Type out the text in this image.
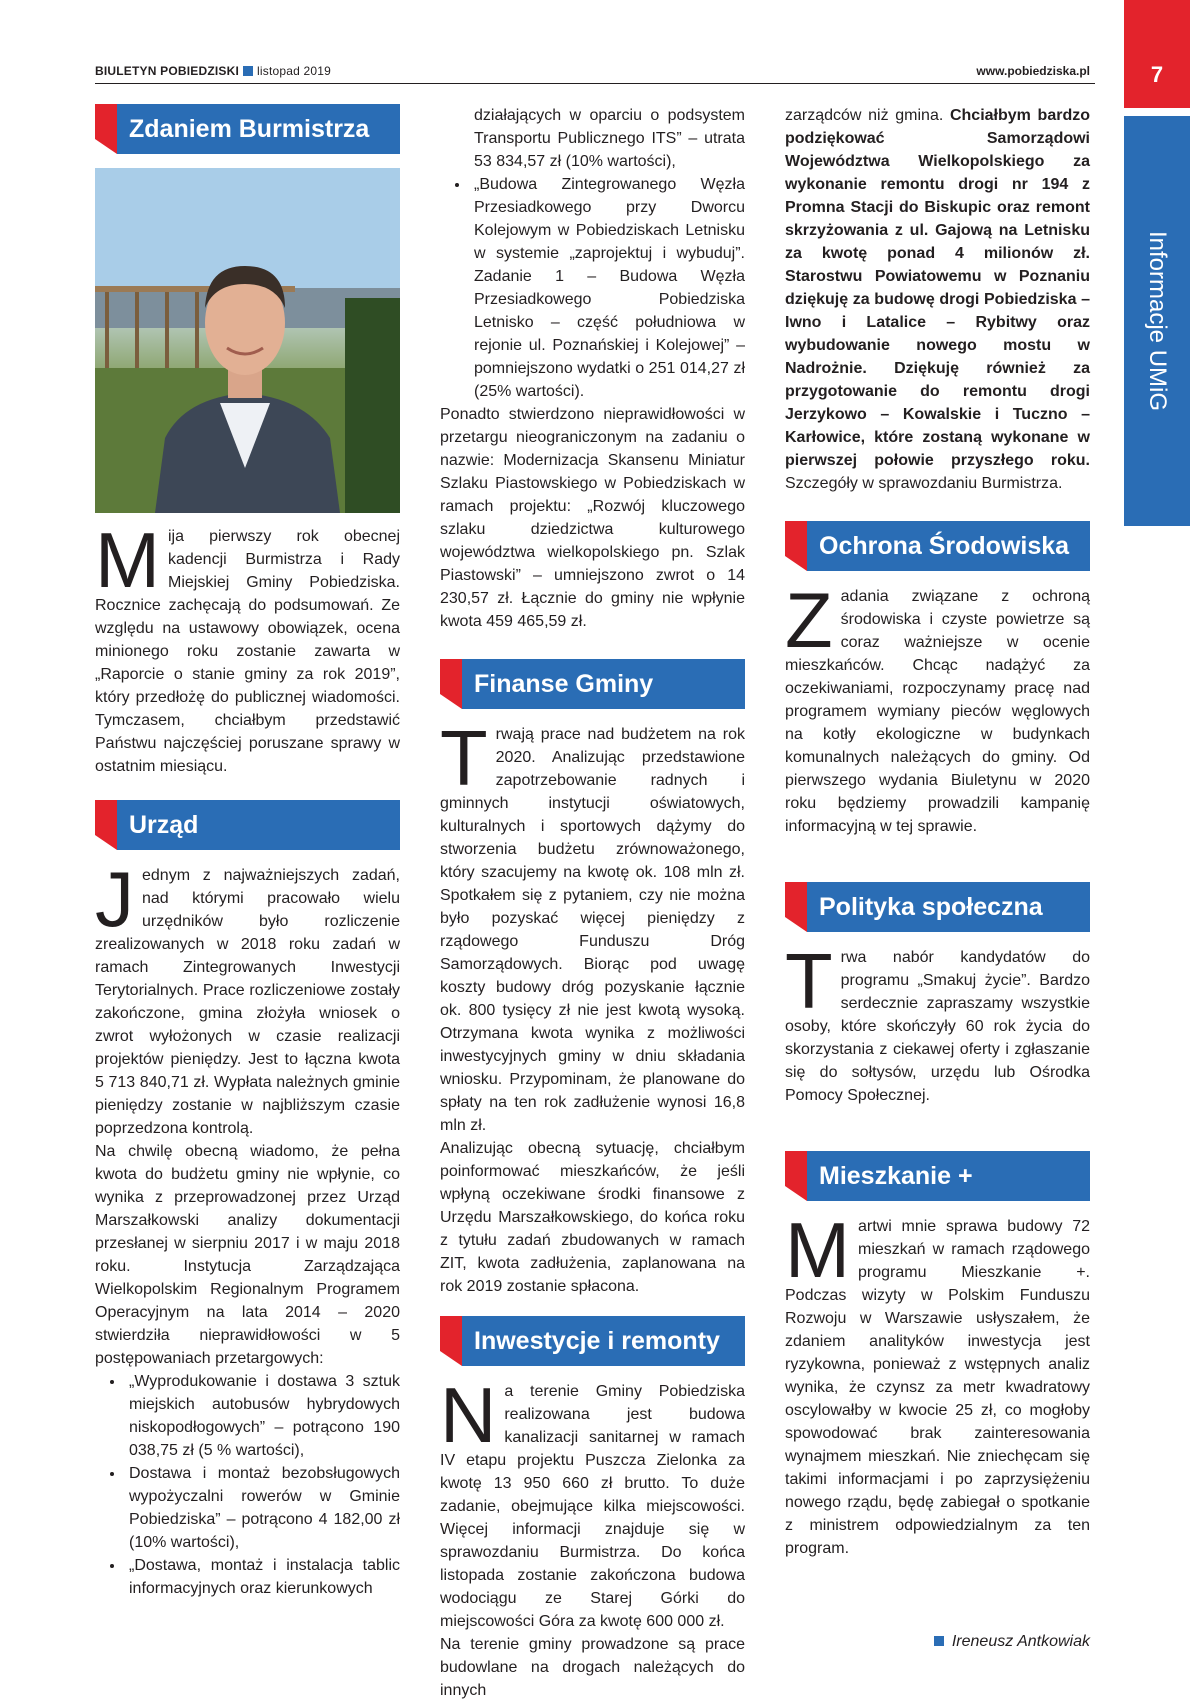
BIULETYN POBIEDZISKI listopad 2019	www.pobiedziska.pl	7
Informacje UMiG
Zdaniem Burmistrza

Mija pierwszy rok obecnej kadencji Burmistrza i Rady Miejskiej Gminy Pobiedziska. Rocznice zachęcają do podsumowań. Ze względu na ustawowy obowiązek, ocena minionego roku zostanie zawarta w „Raporcie o stanie gminy za rok 2019”, który przedłożę do publicznej wiadomości. Tymczasem, chciałbym przedstawić Państwu najczęściej poruszane sprawy w ostatnim miesiącu.

Urząd

Jednym z najważniejszych zadań, nad którymi pracowało wielu urzędników było rozliczenie zrealizowanych w 2018 roku zadań w ramach Zintegrowanych Inwestycji Terytorialnych. Prace rozliczeniowe zostały zakończone, gmina złożyła wniosek o zwrot wyłożonych w czasie realizacji projektów pieniędzy. Jest to łączna kwota 5 713 840,71 zł. Wypłata należnych gminie pieniędzy zostanie w najbliższym czasie poprzedzona kontrolą.

Na chwilę obecną wiadomo, że pełna kwota do budżetu gminy nie wpłynie, co wynika z przeprowadzonej przez Urząd Marszałkowski analizy dokumentacji przesłanej w sierpniu 2017 i w maju 2018 roku. Instytucja Zarządzająca Wielkopolskim Regionalnym Programem Operacyjnym na lata 2014 – 2020 stwierdziła nieprawidłowości w 5 postępowaniach przetargowych:

• „Wyprodukowanie i dostawa 3 sztuk miejskich autobusów hybrydowych niskopodłogowych” – potrącono 190 038,75 zł (5 % wartości),
• Dostawa i montaż bezobsługowych wypożyczalni rowerów w Gminie Pobiedziska” – potrącono 4 182,00 zł (10% wartości),
• „Dostawa, montaż i instalacja tablic informacyjnych oraz kierunkowych
działających w oparciu o podsystem Transportu Publicznego ITS” – utrata 53 834,57 zł (10% wartości),
• „Budowa Zintegrowanego Węzła Przesiadkowego przy Dworcu Kolejowym w Pobiedziskach Letnisku w systemie „zaprojektuj i wybuduj”. Zadanie 1 – Budowa Węzła Przesiadkowego Pobiedziska Letnisko – część południowa w rejonie ul. Poznańskiej i Kolejowej” – pomniejszono wydatki o 251 014,27 zł (25% wartości).

Ponadto stwierdzono nieprawidłowości w przetargu nieograniczonym na zadaniu o nazwie: Modernizacja Skansenu Miniatur Szlaku Piastowskiego w Pobiedziskach w ramach projektu: „Rozwój kluczowego szlaku dziedzictwa kulturowego województwa wielkopolskiego pn. Szlak Piastowski” – umniejszono zwrot o 14 230,57 zł. Łącznie do gminy nie wpłynie kwota 459 465,59 zł.

Finanse Gminy

Trwają prace nad budżetem na rok 2020. Analizując przedstawione zapotrzebowanie radnych i gminnych instytucji oświatowych, kulturalnych i sportowych dążymy do stworzenia budżetu zrównoważonego, który szacujemy na kwotę ok. 108 mln zł. Spotkałem się z pytaniem, czy nie można było pozyskać więcej pieniędzy z rządowego Funduszu Dróg Samorządowych. Biorąc pod uwagę koszty budowy dróg pozyskanie łącznie ok. 800 tysięcy zł nie jest kwotą wysoką. Otrzymana kwota wynika z możliwości inwestycyjnych gminy w dniu składania wniosku. Przypominam, że planowane do spłaty na ten rok zadłużenie wynosi 16,8 mln zł.

Analizując obecną sytuację, chciałbym poinformować mieszkańców, że jeśli wpłyną oczekiwane środki finansowe z Urzędu Marszałkowskiego, do końca roku z tytułu zadań zbudowanych w ramach ZIT, kwota zadłużenia, zaplanowana na rok 2019 zostanie spłacona.

Inwestycje i remonty

Na terenie Gminy Pobiedziska realizowana jest budowa kanalizacji sanitarnej w ramach IV etapu projektu Puszcza Zielonka za kwotę 13 950 660 zł brutto. To duże zadanie, obejmujące kilka miejscowości. Więcej informacji znajduje się w sprawozdaniu Burmistrza. Do końca listopada zostanie zakończona budowa wodociągu ze Starej Górki do miejscowości Góra za kwotę 600 000 zł.

Na terenie gminy prowadzone są prace budowlane na drogach należących do innych

zarządców niż gmina. Chciałbym bardzo podziękować Samorządowi Województwa Wielkopolskiego za wykonanie remontu drogi nr 194 z Promna Stacji do Biskupic oraz remont skrzyżowania z ul. Gajową na Letnisku za kwotę ponad 4 milionów zł. Starostwu Powiatowemu w Poznaniu dziękuję za budowę drogi Pobiedziska – Iwno i Latalice – Rybitwy oraz wybudowanie nowego mostu w Nadrożnie. Dziękuję również za przygotowanie do remontu drogi Jerzykowo – Kowalskie i Tuczno – Karłowice, które zostaną wykonane w pierwszej połowie przyszłego roku. Szczegóły w sprawozdaniu Burmistrza.

Ochrona Środowiska

Zadania związane z ochroną środowiska i czyste powietrze są coraz ważniejsze w ocenie mieszkańców. Chcąc nadążyć za oczekiwaniami, rozpoczynamy pracę nad programem wymiany pieców węglowych na kotły ekologiczne w budynkach komunalnych należących do gminy. Od pierwszego wydania Biuletynu w 2020 roku będziemy prowadzili kampanię informacyjną w tej sprawie.

Polityka społeczna

Trwa nabór kandydatów do programu „Smakuj życie”. Bardzo serdecznie zapraszamy wszystkie osoby, które skończyły 60 rok życia do skorzystania z ciekawej oferty i zgłaszanie się do sołtysów, urzędu lub Ośrodka Pomocy Społecznej.

Mieszkanie +

Martwi mnie sprawa budowy 72 mieszkań w ramach rządowego programu Mieszkanie +. Podczas wizyty w Polskim Funduszu Rozwoju w Warszawie usłyszałem, że zdaniem analityków inwestycja jest ryzykowna, ponieważ z wstępnych analiz wynika, że czynsz za metr kwadratowy oscylowałby w kwocie 25 zł, co mogłoby spowodować brak zainteresowania wynajmem mieszkań. Nie zniechęcam się takimi informacjami i po zaprzysiężeniu nowego rządu, będę zabiegał o spotkanie z ministrem odpowiedzialnym za ten program.

Ireneusz Antkowiak
